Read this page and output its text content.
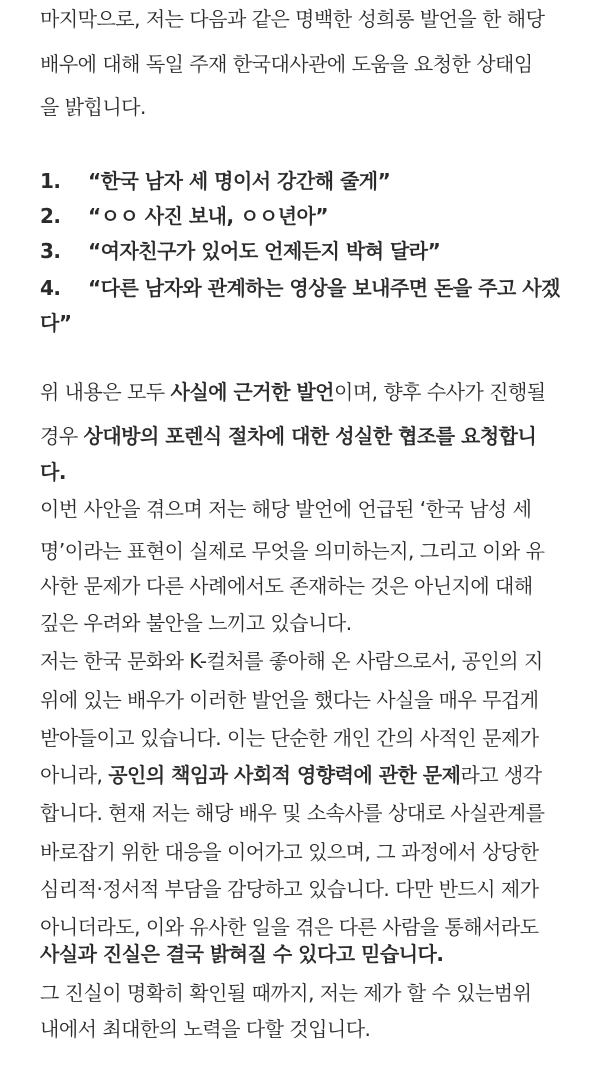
마지막으로, 저는 다음과 같은 명백한 성희롱 발언을 한 해당

배우에 대해 독일 주재 한국대사관에 도움을 요청한 상태임

을 밝힙니다.

1. “한국 남자 세 명이서 강간해 줄게”
2. “ㅇㅇ 사진 보내, ㅇㅇ년아”
3. “여자친구가 있어도 언제든지 박혀 달라”
4. “다른 남자와 관계하는 영상을 보내주면 돈을 주고 사겠

다”

위 내용은 모두 사실에 근거한 발언이며, 향후 수사가 진행될

경우 상대방의 포렌식 절차에 대한 성실한 협조를 요청합니

다.

이번 사안을 겪으며 저는 해당 발언에 언급된 ‘한국 남성 세

명’이라는 표현이 실제로 무엇을 의미하는지, 그리고 이와 유

사한 문제가 다른 사례에서도 존재하는 것은 아닌지에 대해

깊은 우려와 불안을 느끼고 있습니다.

저는 한국 문화와 K-컬처를 좋아해 온 사람으로서, 공인의 지

위에 있는 배우가 이러한 발언을 했다는 사실을 매우 무겁게

받아들이고 있습니다. 이는 단순한 개인 간의 사적인 문제가

아니라, 공인의 책임과 사회적 영향력에 관한 문제라고 생각

합니다. 현재 저는 해당 배우 및 소속사를 상대로 사실관계를

바로잡기 위한 대응을 이어가고 있으며, 그 과정에서 상당한

심리적·정서적 부담을 감당하고 있습니다. 다만 반드시 제가

아니더라도, 이와 유사한 일을 겪은 다른 사람을 통해서라도

사실과 진실은 결국 밝혀질 수 있다고 믿습니다.

그 진실이 명확히 확인될 때까지, 저는 제가 할 수 있는범위

내에서 최대한의 노력을 다할 것입니다.
